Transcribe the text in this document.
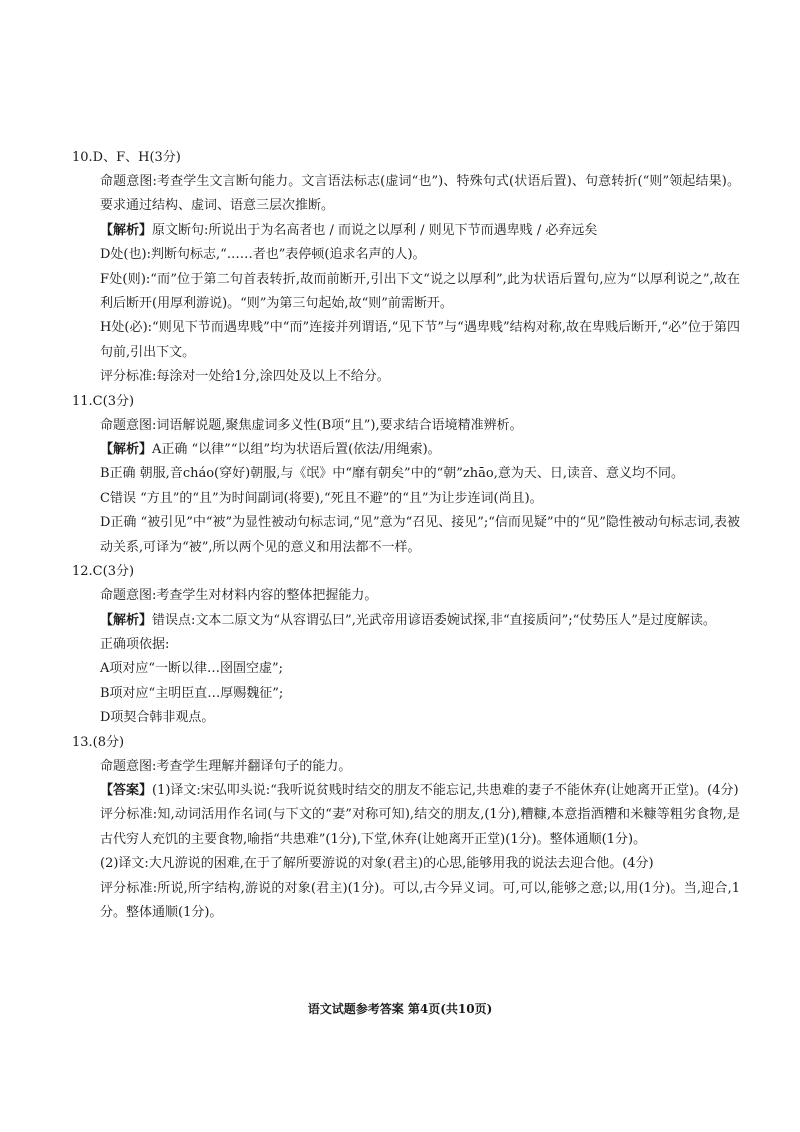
10.D、F、H(3分)
命题意图:考查学生文言断句能力。文言语法标志(虚词“也”)、特殊句式(状语后置)、句意转折(“则”领起结果)。要求通过结构、虚词、语意三层次推断。
【解析】原文断句:所说出于为名高者也 / 而说之以厚利 / 则见下节而遇卑贱 / 必弃远矣
D处(也):判断句标志,“……者也”表停顿(追求名声的人)。
F处(则):“而”位于第二句首表转折,故而前断开,引出下文“说之以厚利”,此为状语后置句,应为“以厚利说之”,故在利后断开(用厚利游说)。“则”为第三句起始,故“则”前需断开。
H处(必):“则见下节而遇卑贱”中“而”连接并列谓语,“见下节”与“遇卑贱”结构对称,故在卑贱后断开,“必”位于第四句前,引出下文。
评分标准:每涂对一处给1分,涂四处及以上不给分。
11.C(3分)
命题意图:词语解说题,聚焦虚词多义性(B项“且”),要求结合语境精准辨析。
【解析】A正确 “以律”“以组”均为状语后置(依法/用绳索)。
B正确 朝服,音cháo(穿好)朝服,与《氓》中“靡有朝矣”中的“朝”zhāo,意为天、日,读音、意义均不同。
C错误 “方且”的“且”为时间副词(将要),“死且不避”的“且”为让步连词(尚且)。
D正确 “被引见”中“被”为显性被动句标志词,“见”意为“召见、接见”;“信而见疑”中的“见”隐性被动句标志词,表被动关系,可译为“被”,所以两个见的意义和用法都不一样。
12.C(3分)
命题意图:考查学生对材料内容的整体把握能力。
【解析】错误点:文本二原文为“从容谓弘曰”,光武帝用谚语委婉试探,非“直接质问”;“仗势压人”是过度解读。
正确项依据:
A项对应“一断以律…囹圄空虚”;
B项对应“主明臣直…厚赐魏征”;
D项契合韩非观点。
13.(8分)
命题意图:考查学生理解并翻译句子的能力。
【答案】(1)译文:宋弘叩头说:“我听说贫贱时结交的朋友不能忘记,共患难的妻子不能休弃(让她离开正堂)。(4分)
评分标准:知,动词活用作名词(与下文的“妻”对称可知),结交的朋友,(1分),糟糠,本意指酒糟和米糠等粗劣食物,是古代穷人充饥的主要食物,喻指“共患难”(1分),下堂,休弃(让她离开正堂)(1分)。整体通顺(1分)。
(2)译文:大凡游说的困难,在于了解所要游说的对象(君主)的心思,能够用我的说法去迎合他。(4分)
评分标准:所说,所字结构,游说的对象(君主)(1分)。可以,古今异义词。可,可以,能够之意;以,用(1分)。当,迎合,1分。整体通顺(1分)。
语文试题参考答案 第4页(共10页)
